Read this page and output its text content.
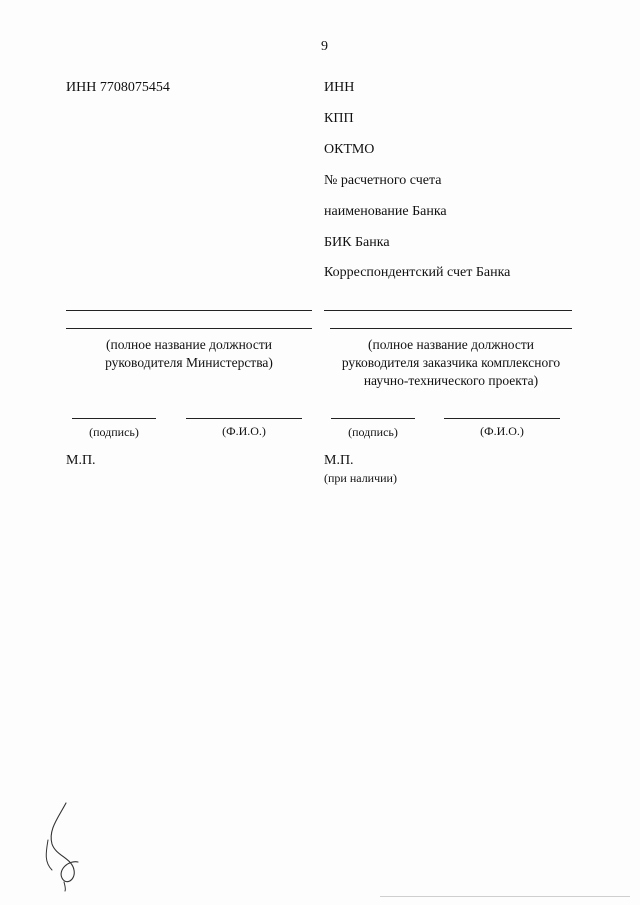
9
ИНН 7708075454	ИНН
КПП
ОКТМО
№ расчетного счета
наименование Банка
БИК Банка
Корреспондентский счет Банка
(полное название должности
руководителя Министерства)
(полное название должности
руководителя заказчика комплексного
научно-технического проекта)
(подпись)	(Ф.И.О.)	(подпись)	(Ф.И.О.)
М.П.	М.П.
(при наличии)
